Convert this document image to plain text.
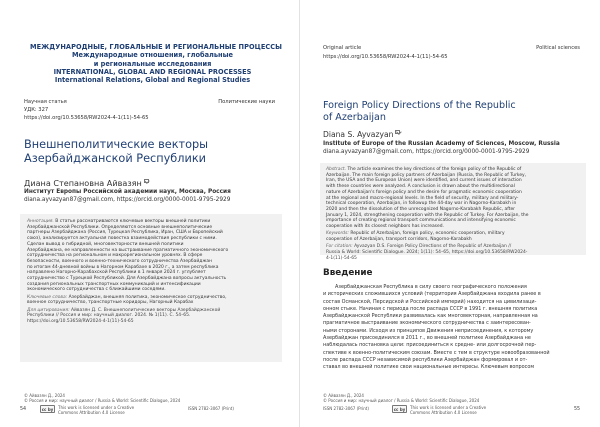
МЕЖДУНАРОДНЫЕ, ГЛОБАЛЬНЫЕ И РЕГИОНАЛЬНЫЕ ПРОЦЕССЫ
Международные отношения, глобальные
и региональные исследования
INTERNATIONAL, GLOBAL AND REGIONAL PROCESSES
International Relations, Global and Regional Studies
Научная статья	Политические науки
УДК: 327
https://doi.org/10.53658/RW2024-4-1(11)-54-65
Внешнеполитические векторы
Азербайджанской Республики
Диана Степановна Айвазян
Институт Европы Российской академии наук, Москва, Россия
diana.ayvazyan87@gmail.com, https://orcid.org/0000-0001-9795-2929

Аннотация. В статье рассматриваются ключевые векторы внешней политики
Азербайджанской Республики. Определяются основные внешнеполитические
партнеры Азербайджана (Россия, Турецкая Республика, Иран, США и Европейский
союз), анализируется актуальная повестка взаимодействия республики с ними.
Сделан вывод о гибридной, многовекторности внешней политики
Азербайджана, ее направленности на выстраивание прагматичного экономического
сотрудничества на региональном и макрорегиональном уровнях. В сфере
безопасности, военного и военно-технического сотрудничества Азербайджан
по итогам 44-дневной войны в Нагорном Карабахе в 2020 г., а затем республика
направлено Нагорно-Карабахской Республики в 1 января 2024 г. углубляет
сотрудничество с Турецкой Республикой. Для Азербайджана вопросы актуальность
создания региональных транспортных коммуникаций и интенсификации
экономического сотрудничества с ближайшими соседями.

Ключевые слова: Азербайджан, внешняя политика, экономическое сотрудничество,
военное сотрудничество, транспортные коридоры, Нагорный Карабах

Для цитирования: Айвазян Д. С. Внешнеполитические векторы Азербайджанской
Республики // Россия и мир: научный диалог. 2024. № 1(11). С. 54–65.
https://doi.org/10.53658/RW2024-4-1(11)-54-65

© Айвазян Д., 2024
© Россия и мир: научный диалог / Russia & World: Scientific Dialogue, 2024
54	cc by	This work is licensed under a Creative
Commons Attribution 4.0 License
ISSN 2782-3067 (Print)
Original article	Political sciences
https://doi.org/10.53658/RW2024-4-1(11)-54-65
Foreign Policy Directions of the Republic
of Azerbaijan
Diana S. Ayvazyan
Institute of Europe of the Russian Academy of Sciences, Moscow, Russia
diana.ayvazyan87@gmail.com, https://orcid.org/0000-0001-9795-2929

Abstract. The article examines the key directions of the foreign policy of the Republic of
Azerbaijan. The main foreign policy partners of Azerbaijan (Russia, the Republic of Turkey,
Iran, the USA and the European Union) were identified, and current issues of interaction
with these countries were analyzed. A conclusion is drawn about the multidirectional
nature of Azerbaijan's foreign policy and the desire for pragmatic economic cooperation
at the regional and macro-regional levels. In the field of security, military and military-
technical cooperation, Azerbaijan, in followup the 44-day war in Nagorno-Karabakh in
2020 and then the dissolution of the unrecognized Nagorno-Karabakh Republic, after
January 1, 2024, strengthening cooperation with the Republic of Turkey. For Azerbaijan, the
importance of creating regional transport communications and intensifying economic
cooperation with its closest neighbors has increased.

Keywords: Republic of Azerbaijan, foreign policy, economic cooperation, military
cooperation of Azerbaijan, transport corridors, Nagorno-Karabakh

For citation: Ayvazyan D.S. Foreign Policy Directions of the Republic of Azerbaijan //
Russia & World: Scientific Dialogue. 2024; 1(11): 54–65, https://doi.org/10.53658/RW2024-
4-1(11)-54-65

Введение
Азербайджанская Республика в силу своего географического положения
и исторических сложившихся условий (территория Азербайджана входила ранее в
состав Османской, Персидской и Российской империй) находится на цивилизаци-
онном стыке. Начиная с периода после распада СССР в 1991 г. внешняя политика
Азербайджанской Республики развивалась как многовекторная, направленная на
прагматичное выстраивание экономического сотрудничества с заинтересован-
ными сторонами. Исходя из принципов Движения неприсоединения, к которому
Азербайджан присоединился в 2011 г., во внешней политике Азербайджана не
наблюдалась постановка цели: присоединиться к средне- или долгосрочной пер-
спективе к военно-политическим союзам. Вместе с тем в структуре новообразованной
после распада СССР независимой республики Азербайджан формировал и от-
ставал во внешней политике свои национальные интересы. Ключевым вопросом
© Айвазян Д., 2024
© Россия и мир: научный диалог / Russia & World: Scientific Dialogue, 2024
ISSN 2782-3067 (Print)	cc by	This work is licensed under a Creative
Commons Attribution 4.0 License
55
